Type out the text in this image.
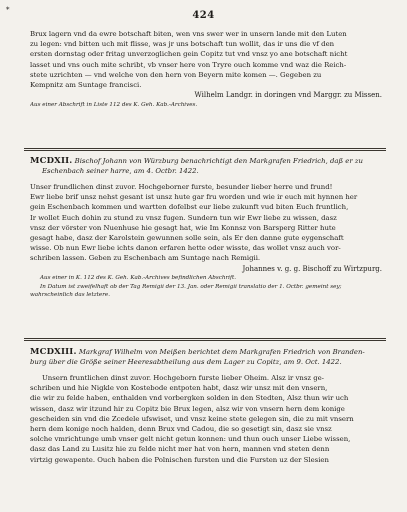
*	424
Brux lagern vnd da ewre botschaft biten, wen vns swer wer in unsern lande mit den Luten
zu legen: vnd bitten uch mit flisse, was jr uns botschaft tun wollit, das ir uns die vf den
ersten dornstag oder fritag unverzoglichen gein Copitz tut vnd vnsz yo ane botschaft nicht
lasset und vns ouch mite schribt, vb vnser here von Tryre ouch komme vnd waz die Reich-
stete uzrichten — vnd welche von den hern von Beyern mite komen —. Gegeben zu
Kempnitz am Suntage francisci.
Wilhelm Landgr. in doringen vnd Marggr. zu Missen.
Aus einer Abschrift in Liste 112 des K. Geh. Kab.-Archives.
MCDXII. Bischof Johann von Würzburg benachrichtigt den Markgrafen Friedrich, daß er zu
Eschenbach seiner harre, am 4. Octbr. 1422.
Unser frundlichen dinst zuvor. Hochgeborner furste, besunder lieber herre und frund!
Ewr liebe brif unsz nehst gesant ist unsz hute gar fru worden und wie ir euch mit hynnen her
gein Eschenbach kommen und wartten dofelbst eur liebe zukunft vud biten Euch fruntlich,
Ir wollet Euch dohin zu stund zu vnsz fugen. Sundern tun wir Ewr liebe zu wissen, dasz
vnsz der vörster von Nuenhuse hie gesagt hat, wie Im Konnsz von Barsperg Ritter hute
gesagt habe, dasz der Karolstein gewunnen solle sein, als Er den danne gute eygenschaft
wisse. Ob nun Ewr liebe ichts danon erfaren hette oder wisste, das wollet vnsz auch vor-
schriben lassen. Geben zu Eschenbach am Suntage nach Remigii.
Johannes v. g. g. Bischoff zu Wirtzpurg.
Aus einer in K. 112 des K. Geh. Kab.-Archives befindlichen Abschrift.
In Datum ist zweifelhaft ob der Tag Remigii der 13. Jan. oder Remigii translatio der 1. Octbr. gemeint sey;
wahrscheinlich das letztere.
MCDXIII. Markgraf Wilhelm von Meißen berichtet dem Markgrafen Friedrich von Branden-
burg über die Größe seiner Heeresabtheilung aus dem Lager zu Copitz, am 9. Oct. 1422.
Unsern fruntlichen dinst zuvor. Hochgeborn furste lieber Oheim. Alsz ir vnsz ge-
schriben und hie Nigkle von Kostebode entpoten habt, dasz wir unsz mit den vnsern,
die wir zu felde haben, enthalden vnd vorbergken solden in den Stedten, Alsz thun wir uch
wissen, dasz wir itzund hir zu Copitz bie Brux legen, alsz wir von vnsern hern dem konige
gescheiden sin vnd die Zcedele ufswiset, und vnsz keine stete gelegen sin, die zu mit vnsern
hern dem konige noch halden, denn Brux vnd Cadou, die so gesetigt sin, dasz sie vnsz
solche vmrichtunge umb vnser gelt nicht getun konnen: und thun ouch unser Liebe wissen,
dasz das Land zu Lusitz hie zu felde nicht mer hat von hern, mannen vnd steten denn
virtzig gewapente. Ouch haben die Polnischen fursten und die Fursten uz der Slesien
